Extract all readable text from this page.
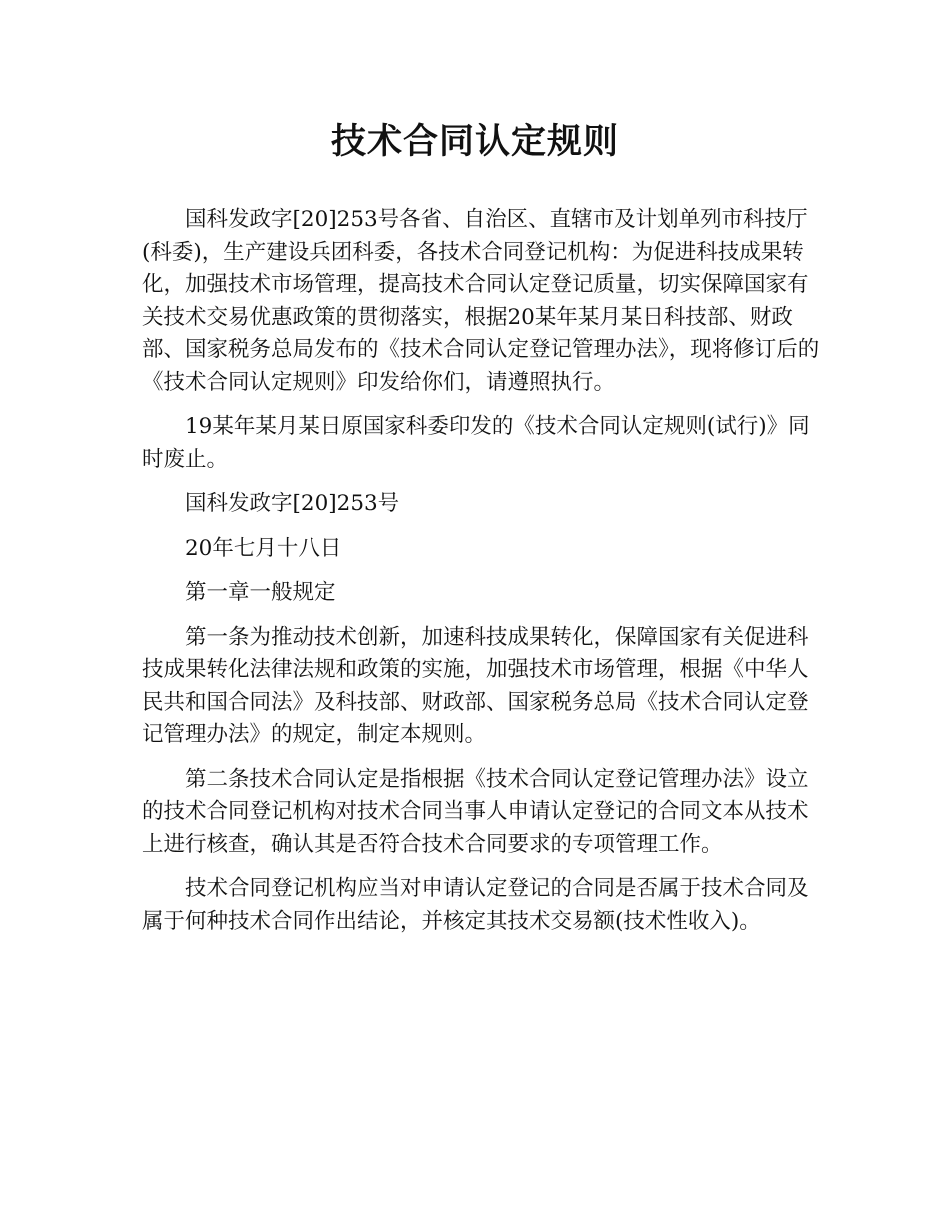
技术合同认定规则

国科发政字[20]253号各省、自治区、直辖市及计划单列市科技厅(科委)，生产建设兵团科委，各技术合同登记机构：为促进科技成果转化，加强技术市场管理，提高技术合同认定登记质量，切实保障国家有关技术交易优惠政策的贯彻落实，根据20某年某月某日科技部、财政部、国家税务总局发布的《技术合同认定登记管理办法》，现将修订后的《技术合同认定规则》印发给你们，请遵照执行。

19某年某月某日原国家科委印发的《技术合同认定规则(试行)》同时废止。

国科发政字[20]253号

20年七月十八日

第一章一般规定

第一条为推动技术创新，加速科技成果转化，保障国家有关促进科技成果转化法律法规和政策的实施，加强技术市场管理，根据《中华人民共和国合同法》及科技部、财政部、国家税务总局《技术合同认定登记管理办法》的规定，制定本规则。

第二条技术合同认定是指根据《技术合同认定登记管理办法》设立的技术合同登记机构对技术合同当事人申请认定登记的合同文本从技术上进行核查，确认其是否符合技术合同要求的专项管理工作。

技术合同登记机构应当对申请认定登记的合同是否属于技术合同及属于何种技术合同作出结论，并核定其技术交易额(技术性收入)。
